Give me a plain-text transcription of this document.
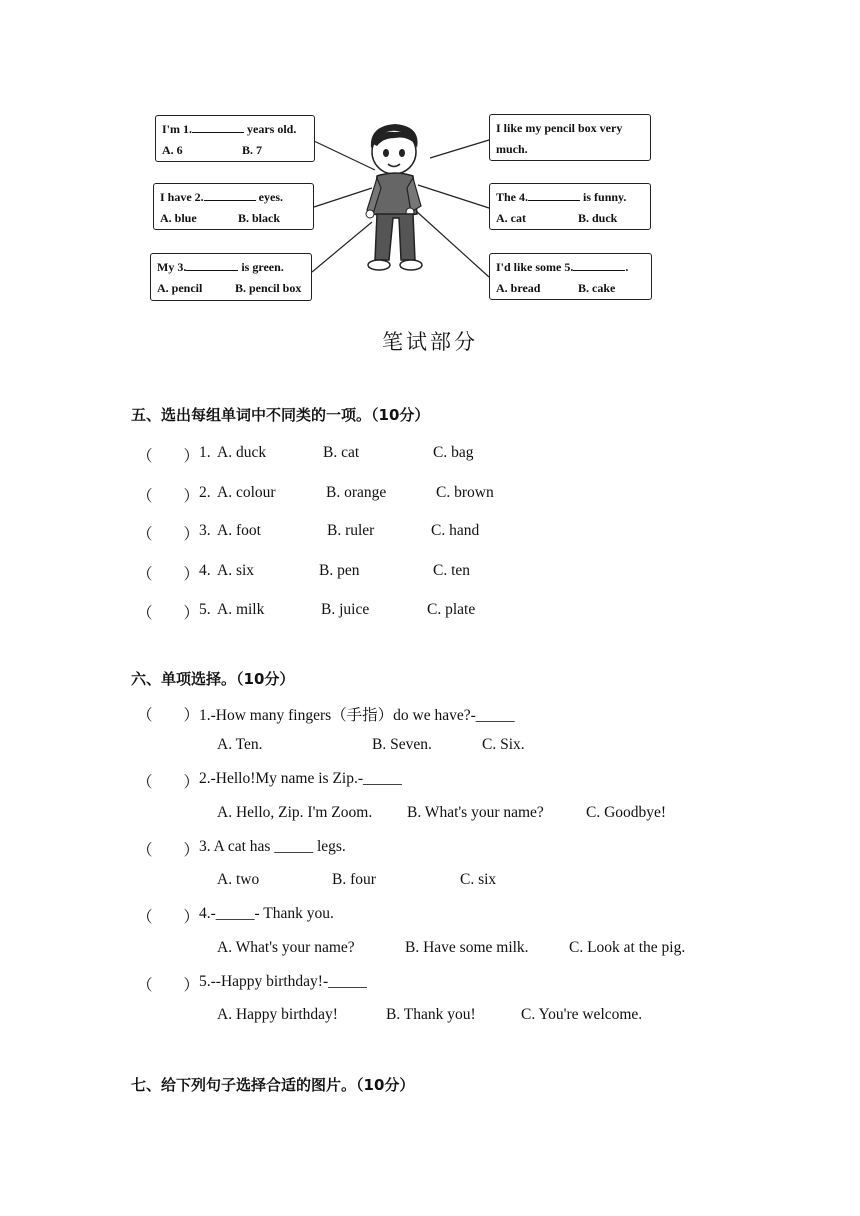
I'm 1.	years old.
A. 6	B. 7
I have 2.	eyes.
A. blue	B. black
My 3.	is green.
A. pencil	B. pencil box
I like my pencil box very
much.
The 4.	is funny.
A. cat	B. duck
I'd like some 5.	.
A. bread	B. cake
笔试部分
五、选出每组单词中不同类的一项。（10分）
（　　） 1. A. duck	B. cat	C. bag
（　　） 2. A. colour	B. orange	C. brown
（　　） 3. A. foot	B. ruler	C. hand
（　　） 4. A. six	B. pen	C. ten
（　　） 5. A. milk	B. juice	C. plate
六、单项选择。（10分）
（　　） 1.-How many fingers（手指）do we have?-_____
A. Ten.	B. Seven.	C. Six.
（　　） 2.-Hello!My name is Zip.-_____
A. Hello, Zip. I'm Zoom. B. What's your name?	C. Goodbye!
（　　） 3. A cat has _____ legs.
A. two	B. four	C. six
（　　） 4.-_____- Thank you.
A. What's your name?	B. Have some milk.	C. Look at the pig.
（　　） 5.--Happy birthday!-_____
A. Happy birthday!	B. Thank you!	C. You're welcome.
七、给下列句子选择合适的图片。（10分）
